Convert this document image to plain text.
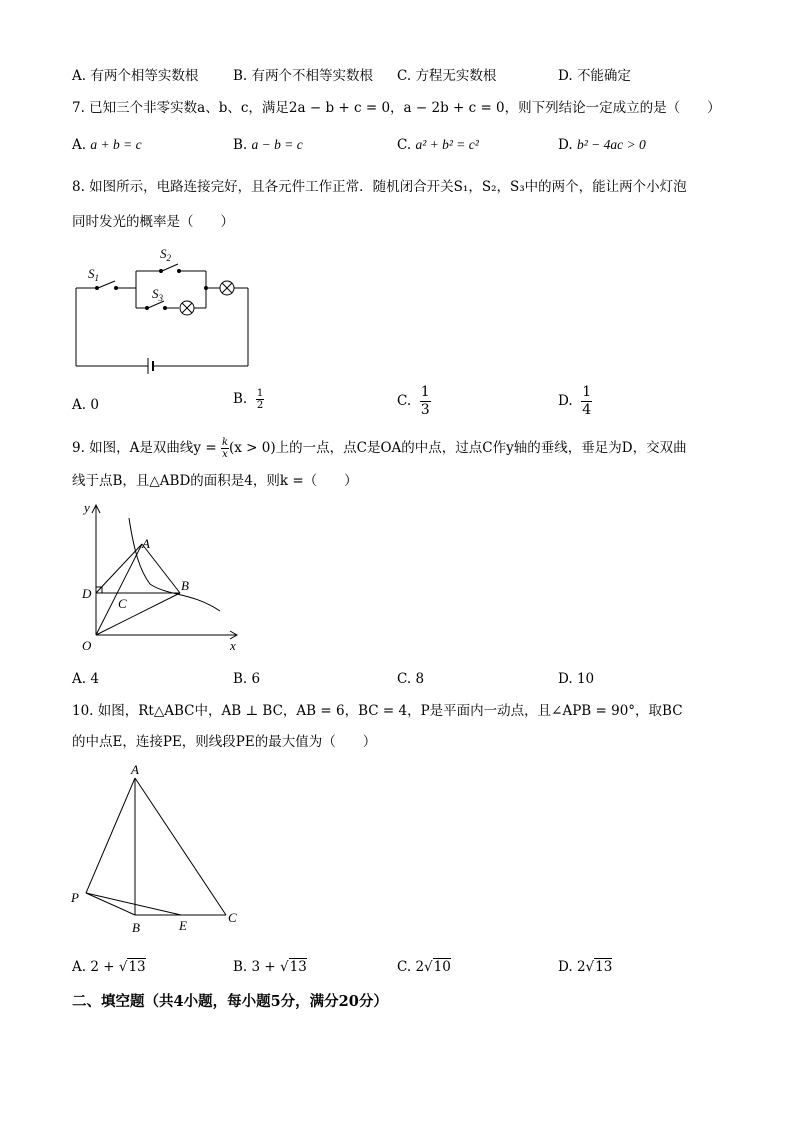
A. 有两个相等实数根	B. 有两个不相等实数根 C. 方程无实数根	D. 不能确定
7. 已知三个非零实数a、b、c，满足2a − b + c = 0，a − 2b + c = 0，则下列结论一定成立的是（　　）
A. a + b = c	B. a − b = c	C. a² + b² = c²	D. b² − 4ac > 0
8. 如图所示，电路连接完好，且各元件工作正常．随机闭合开关S₁，S₂，S₃中的两个，能让两个小灯泡
同时发光的概率是（　　）
$S_1$
$S_2$
$S_3$
A. 0	B. $\frac{1}{2}$	C. $\frac{1}{3}$	D. $\frac{1}{4}$
9. 如图，A是双曲线$y = \frac{k}{x} (x > 0)$上的一点，点C是OA的中点，过点C作y轴的垂线，垂足为D，交双曲
线于点B，且△ABD的面积是4，则k =（　　）
y
x
A
B
C
D
O
A. 4	B. 6	C. 8	D. 10
10. 如图，Rt△ABC中，AB ⊥ BC，AB = 6，BC = 4，P是平面内一动点，且∠APB = 90°，取BC
的中点E，连接PE，则线段PE的最大值为（　　）
A
B
C
E
P
A. 2 + √13	B. 3 + √13	C. 2√10	D. 2√13
二、填空题（共4小题，每小题5分，满分20分）
